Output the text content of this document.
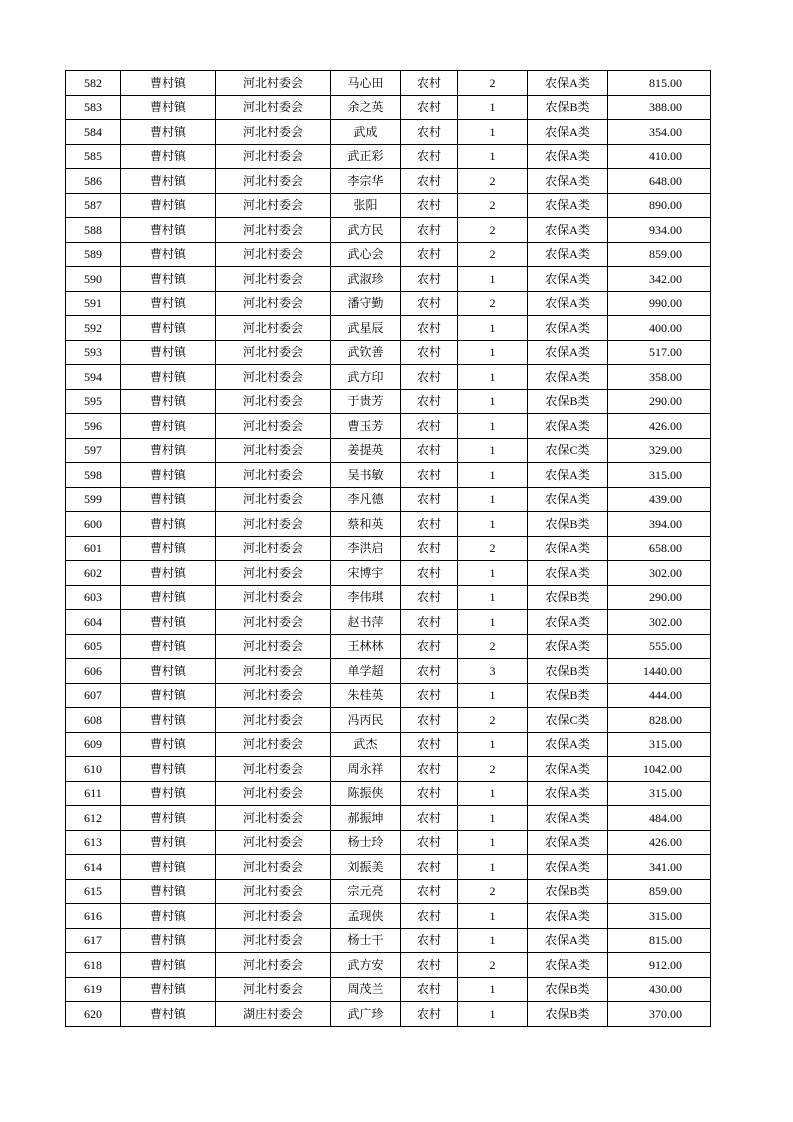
582	曹村镇	河北村委会	马心田	农村	2	农保A类	815.00
583	曹村镇	河北村委会	余之英	农村	1	农保B类	388.00
584	曹村镇	河北村委会	武成	农村	1	农保A类	354.00
585	曹村镇	河北村委会	武正彩	农村	1	农保A类	410.00
586	曹村镇	河北村委会	李宗华	农村	2	农保A类	648.00
587	曹村镇	河北村委会	张阳	农村	2	农保A类	890.00
588	曹村镇	河北村委会	武方民	农村	2	农保A类	934.00
589	曹村镇	河北村委会	武心会	农村	2	农保A类	859.00
590	曹村镇	河北村委会	武淑珍	农村	1	农保A类	342.00
591	曹村镇	河北村委会	潘守勤	农村	2	农保A类	990.00
592	曹村镇	河北村委会	武星辰	农村	1	农保A类	400.00
593	曹村镇	河北村委会	武钦善	农村	1	农保A类	517.00
594	曹村镇	河北村委会	武方印	农村	1	农保A类	358.00
595	曹村镇	河北村委会	于贵芳	农村	1	农保B类	290.00
596	曹村镇	河北村委会	曹玉芳	农村	1	农保A类	426.00
597	曹村镇	河北村委会	姜提英	农村	1	农保C类	329.00
598	曹村镇	河北村委会	吴书敏	农村	1	农保A类	315.00
599	曹村镇	河北村委会	李凡德	农村	1	农保A类	439.00
600	曹村镇	河北村委会	蔡和英	农村	1	农保B类	394.00
601	曹村镇	河北村委会	李洪启	农村	2	农保A类	658.00
602	曹村镇	河北村委会	宋博宇	农村	1	农保A类	302.00
603	曹村镇	河北村委会	李伟琪	农村	1	农保B类	290.00
604	曹村镇	河北村委会	赵书萍	农村	1	农保A类	302.00
605	曹村镇	河北村委会	王林林	农村	2	农保A类	555.00
606	曹村镇	河北村委会	单学超	农村	3	农保B类	1440.00
607	曹村镇	河北村委会	朱桂英	农村	1	农保B类	444.00
608	曹村镇	河北村委会	冯丙民	农村	2	农保C类	828.00
609	曹村镇	河北村委会	武杰	农村	1	农保A类	315.00
610	曹村镇	河北村委会	周永祥	农村	2	农保A类	1042.00
611	曹村镇	河北村委会	陈振侠	农村	1	农保A类	315.00
612	曹村镇	河北村委会	郝振坤	农村	1	农保A类	484.00
613	曹村镇	河北村委会	杨士玲	农村	1	农保A类	426.00
614	曹村镇	河北村委会	刘振美	农村	1	农保A类	341.00
615	曹村镇	河北村委会	宗元亮	农村	2	农保B类	859.00
616	曹村镇	河北村委会	孟现侠	农村	1	农保A类	315.00
617	曹村镇	河北村委会	杨士干	农村	1	农保A类	815.00
618	曹村镇	河北村委会	武方安	农村	2	农保A类	912.00
619	曹村镇	河北村委会	周茂兰	农村	1	农保B类	430.00
620	曹村镇	湖庄村委会	武广珍	农村	1	农保B类	370.00
